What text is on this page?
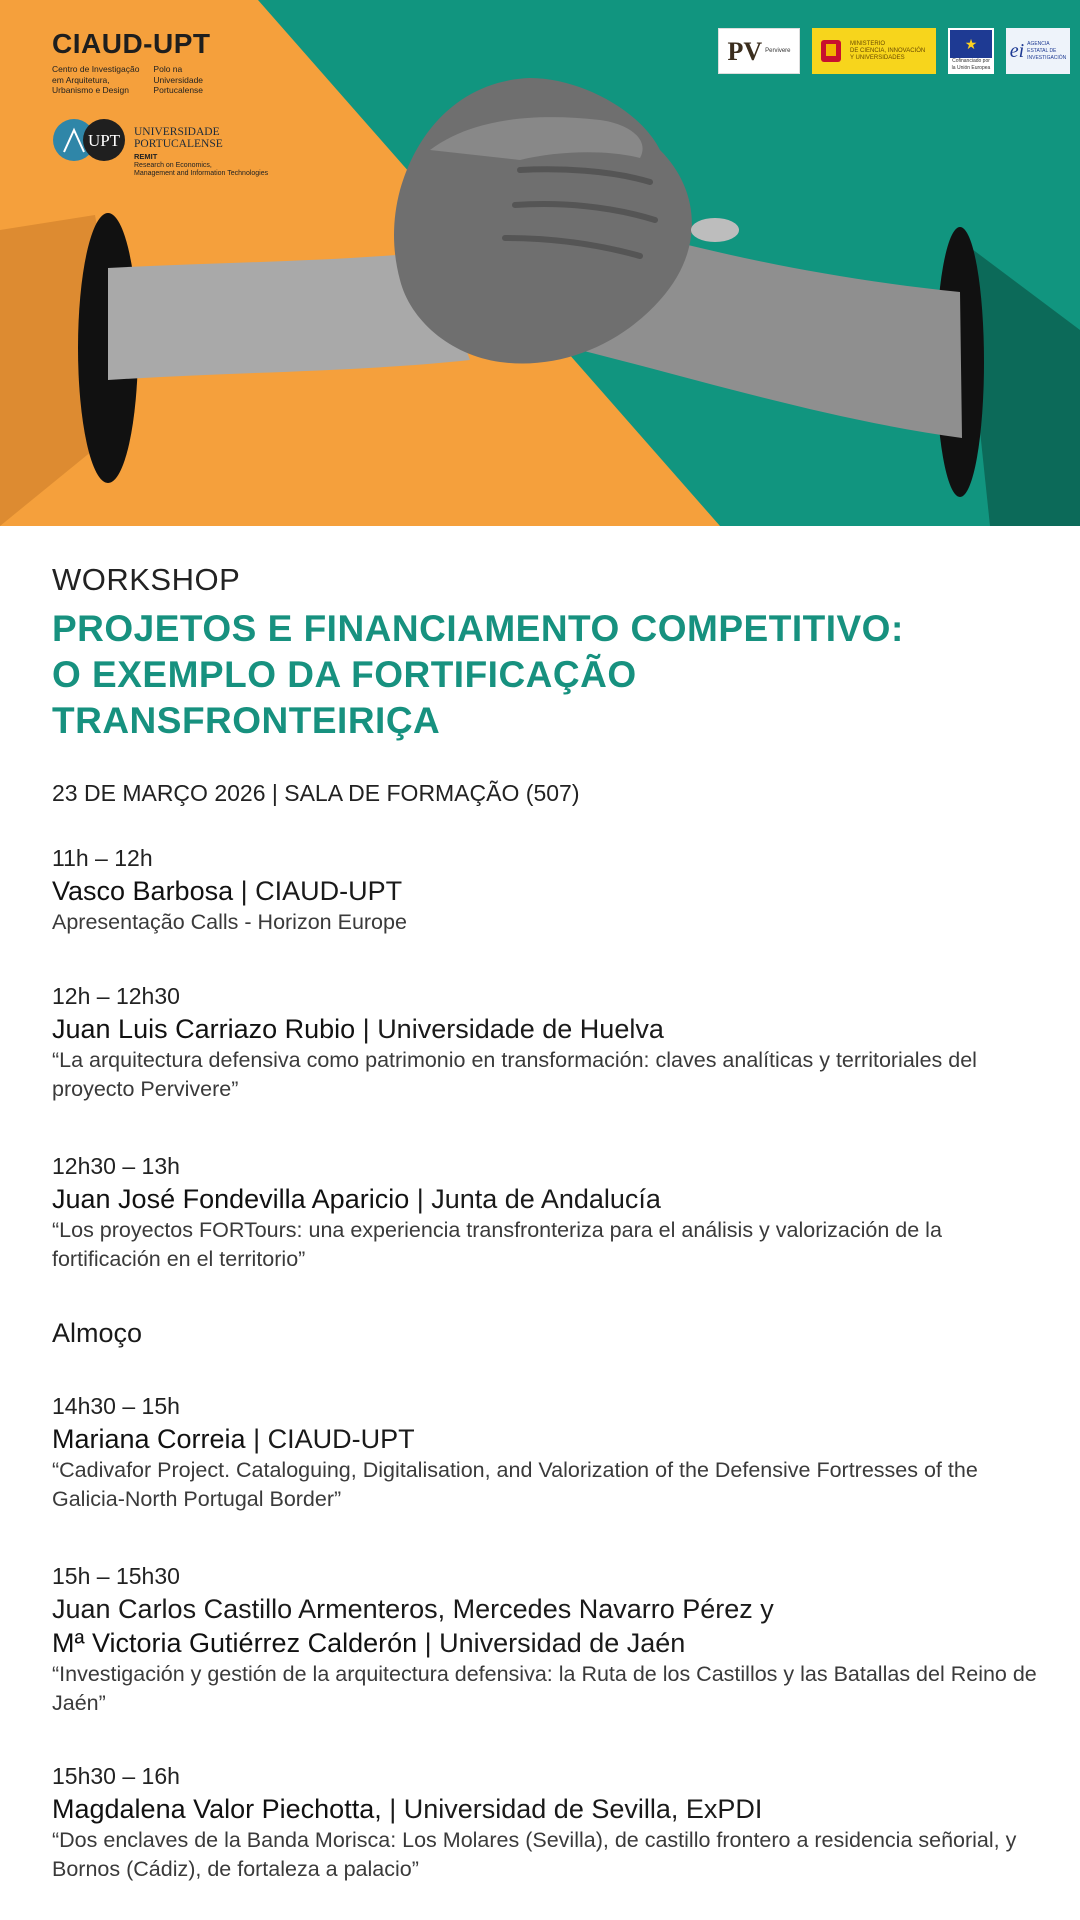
CIAUD-UPT
Centro de Investigação
em Arquitetura,
Urbanismo e Design
Polo na
Universidade
Portucalense
UPT UNIVERSIDADE
PORTUCALENSE
REMIT
Research on Economics,
Management and Information Technologies
PV Pervivere
MINISTERIO
DE CIENCIA, INNOVACIÓN
Y UNIVERSIDADES
★
Cofinanciado por
la Unión Europea
ei AGENCIA
ESTATAL DE
INVESTIGACIÓN
WORKSHOP
PROJETOS E FINANCIAMENTO COMPETITIVO:
O EXEMPLO DA FORTIFICAÇÃO
TRANSFRONTEIRIÇA
23 DE MARÇO 2026 | SALA DE FORMAÇÃO (507)
11h – 12h
Vasco Barbosa | CIAUD-UPT
Apresentação Calls - Horizon Europe
12h – 12h30
Juan Luis Carriazo Rubio | Universidade de Huelva
“La arquitectura defensiva como patrimonio en transformación: claves analíticas y territoriales del proyecto Pervivere”
12h30 – 13h
Juan José Fondevilla Aparicio | Junta de Andalucía
“Los proyectos FORTours: una experiencia transfronteriza para el análisis y valorización de la fortificación en el territorio”
Almoço
14h30 – 15h
Mariana Correia | CIAUD-UPT
“Cadivafor Project. Cataloguing, Digitalisation, and Valorization of the Defensive Fortresses of the Galicia-North Portugal Border”
15h – 15h30
Juan Carlos Castillo Armenteros, Mercedes Navarro Pérez y
Mª Victoria Gutiérrez Calderón | Universidad de Jaén
“Investigación y gestión de la arquitectura defensiva: la Ruta de los Castillos y las Batallas del Reino de Jaén”
15h30 – 16h
Magdalena Valor Piechotta, | Universidad de Sevilla, ExPDI
“Dos enclaves de la Banda Morisca: Los Molares (Sevilla), de castillo frontero a residencia señorial, y Bornos (Cádiz), de fortaleza a palacio”
